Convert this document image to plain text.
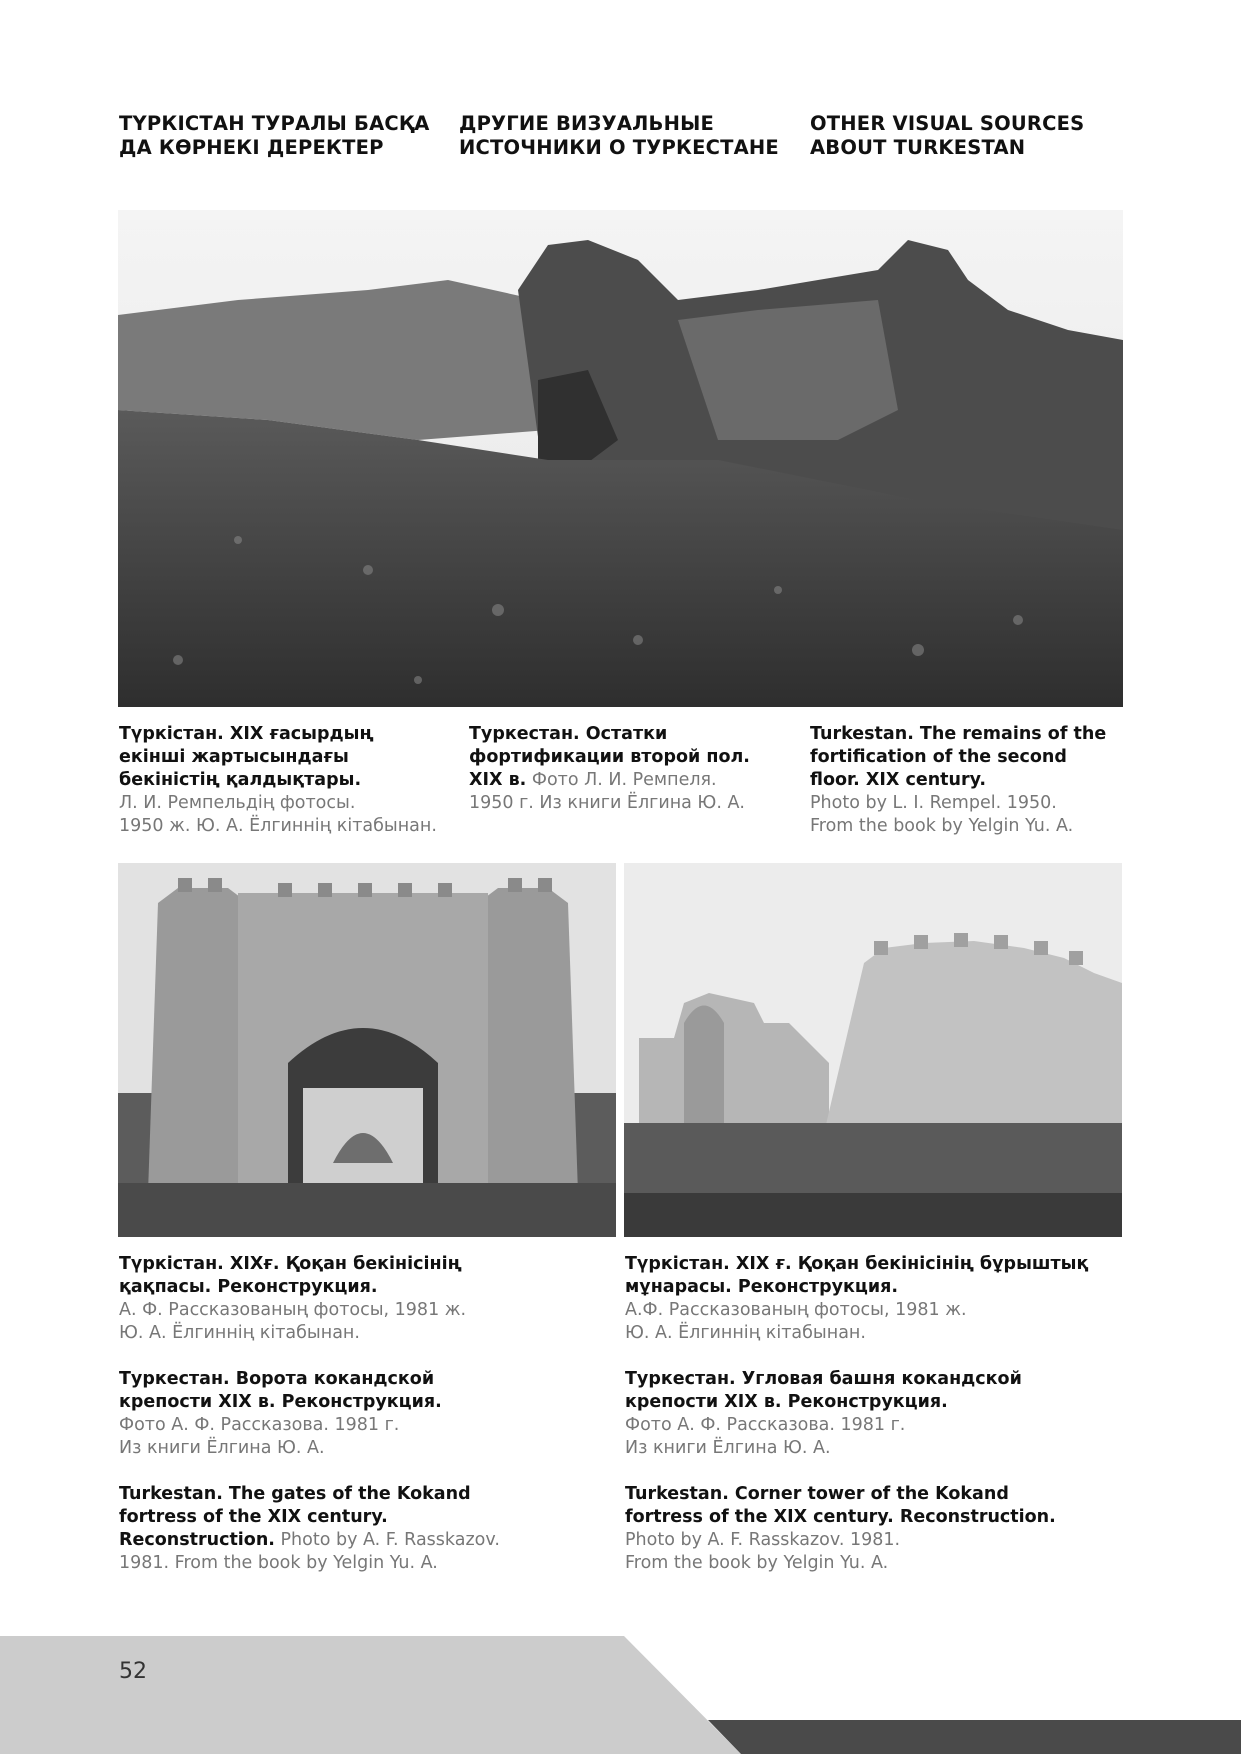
ТҮРКІСТАН ТУРАЛЫ БАСҚА
ДА КӨРНЕКІ ДЕРЕКТЕР
ДРУГИЕ ВИЗУАЛЬНЫЕ
ИСТОЧНИКИ О ТУРКЕСТАНЕ
OTHER VISUAL SOURCES
ABOUT TURKESTAN
Түркістан. XIX ғасырдың
екінші жартысындағы
бекіністің қалдықтары.
Л. И. Ремпельдің фотосы.
1950 ж. Ю. А. Ёлгиннің кітабынан.
Туркестан. Остатки
фортификации второй пол.
XIX в. Фото Л. И. Ремпеля.
1950 г. Из книги Ёлгина Ю. А.
Turkestan. The remains of the
fortification of the second
floor. XIX century.
Photo by L. I. Rempel. 1950.
From the book by Yelgin Yu. A.

Түркістан. XIXғ. Қоқан бекінісінің
қақпасы. Реконструкция.
А. Ф. Рассказованың фотосы, 1981 ж.
Ю. А. Ёлгиннің кітабынан.

Туркестан. Ворота кокандской
крепости XIX в. Реконструкция.
Фото А. Ф. Рассказова. 1981 г.
Из книги Ёлгина Ю. А.

Turkestan. The gates of the Kokand
fortress of the XIX century.
Reconstruction. Photo by A. F. Rasskazov.
1981. From the book by Yelgin Yu. A.

Түркістан. XIX ғ. Қоқан бекінісінің бұрыштық
мұнарасы. Реконструкция.
А.Ф. Рассказованың фотосы, 1981 ж.
Ю. А. Ёлгиннің кітабынан.

Туркестан. Угловая башня кокандской
крепости XIX в. Реконструкция.
Фото А. Ф. Рассказова. 1981 г.
Из книги Ёлгина Ю. А.

Turkestan. Corner tower of the Kokand
fortress of the XIX century. Reconstruction.
Photo by A. F. Rasskazov. 1981.
From the book by Yelgin Yu. A.

52
